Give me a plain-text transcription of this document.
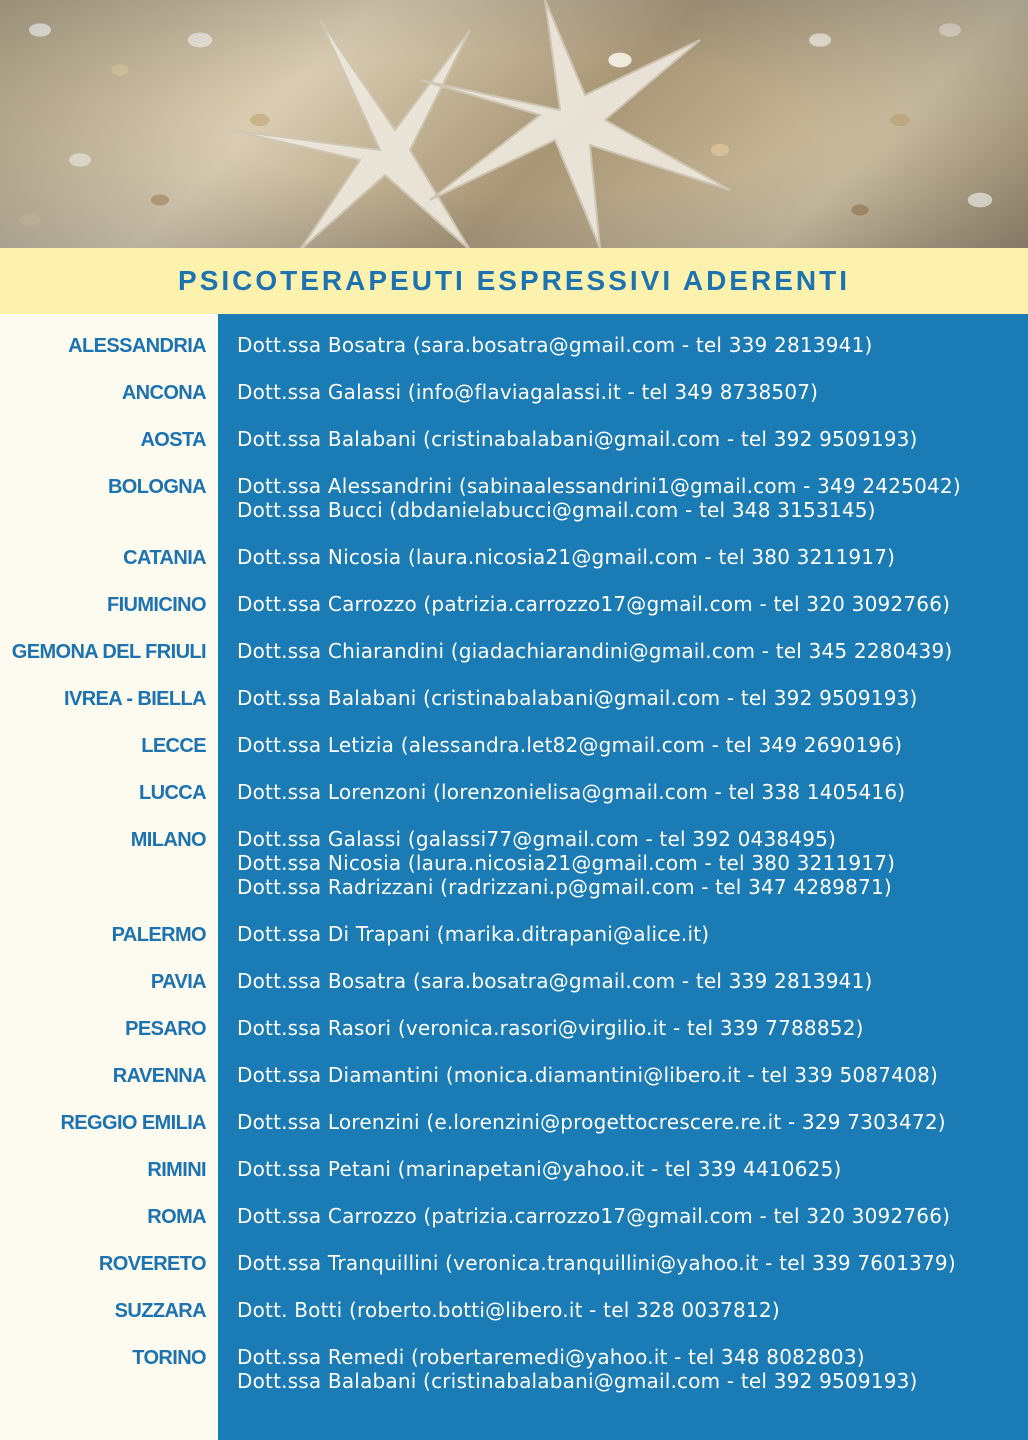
PSICOTERAPEUTI ESPRESSIVI ADERENTI
ALESSANDRIA Dott.ssa Bosatra (sara.bosatra@gmail.com - tel 339 2813941)
ANCONA Dott.ssa Galassi (info@flaviagalassi.it - tel 349 8738507)
AOSTA Dott.ssa Balabani (cristinabalabani@gmail.com - tel 392 9509193)
BOLOGNA Dott.ssa Alessandrini (sabinaalessandrini1@gmail.com - 349 2425042)
Dott.ssa Bucci (dbdanielabucci@gmail.com - tel 348 3153145)
CATANIA Dott.ssa Nicosia (laura.nicosia21@gmail.com - tel 380 3211917)
FIUMICINO Dott.ssa Carrozzo (patrizia.carrozzo17@gmail.com - tel 320 3092766)
GEMONA DEL FRIULI Dott.ssa Chiarandini (giadachiarandini@gmail.com - tel 345 2280439)
IVREA - BIELLA Dott.ssa Balabani (cristinabalabani@gmail.com - tel 392 9509193)
LECCE Dott.ssa Letizia (alessandra.let82@gmail.com - tel 349 2690196)
LUCCA Dott.ssa Lorenzoni (lorenzonielisa@gmail.com - tel 338 1405416)
MILANO Dott.ssa Galassi (galassi77@gmail.com - tel 392 0438495)
Dott.ssa Nicosia (laura.nicosia21@gmail.com - tel 380 3211917)
Dott.ssa Radrizzani (radrizzani.p@gmail.com - tel 347 4289871)
PALERMO Dott.ssa Di Trapani (marika.ditrapani@alice.it)
PAVIA Dott.ssa Bosatra (sara.bosatra@gmail.com - tel 339 2813941)
PESARO Dott.ssa Rasori (veronica.rasori@virgilio.it - tel 339 7788852)
RAVENNA Dott.ssa Diamantini (monica.diamantini@libero.it - tel 339 5087408)
REGGIO EMILIA Dott.ssa Lorenzini (e.lorenzini@progettocrescere.re.it - 329 7303472)
RIMINI Dott.ssa Petani (marinapetani@yahoo.it - tel 339 4410625)
ROMA Dott.ssa Carrozzo (patrizia.carrozzo17@gmail.com - tel 320 3092766)
ROVERETO Dott.ssa Tranquillini (veronica.tranquillini@yahoo.it - tel 339 7601379)
SUZZARA Dott. Botti (roberto.botti@libero.it - tel 328 0037812)
TORINO Dott.ssa Remedi (robertaremedi@yahoo.it - tel 348 8082803)
Dott.ssa Balabani (cristinabalabani@gmail.com - tel 392 9509193)
